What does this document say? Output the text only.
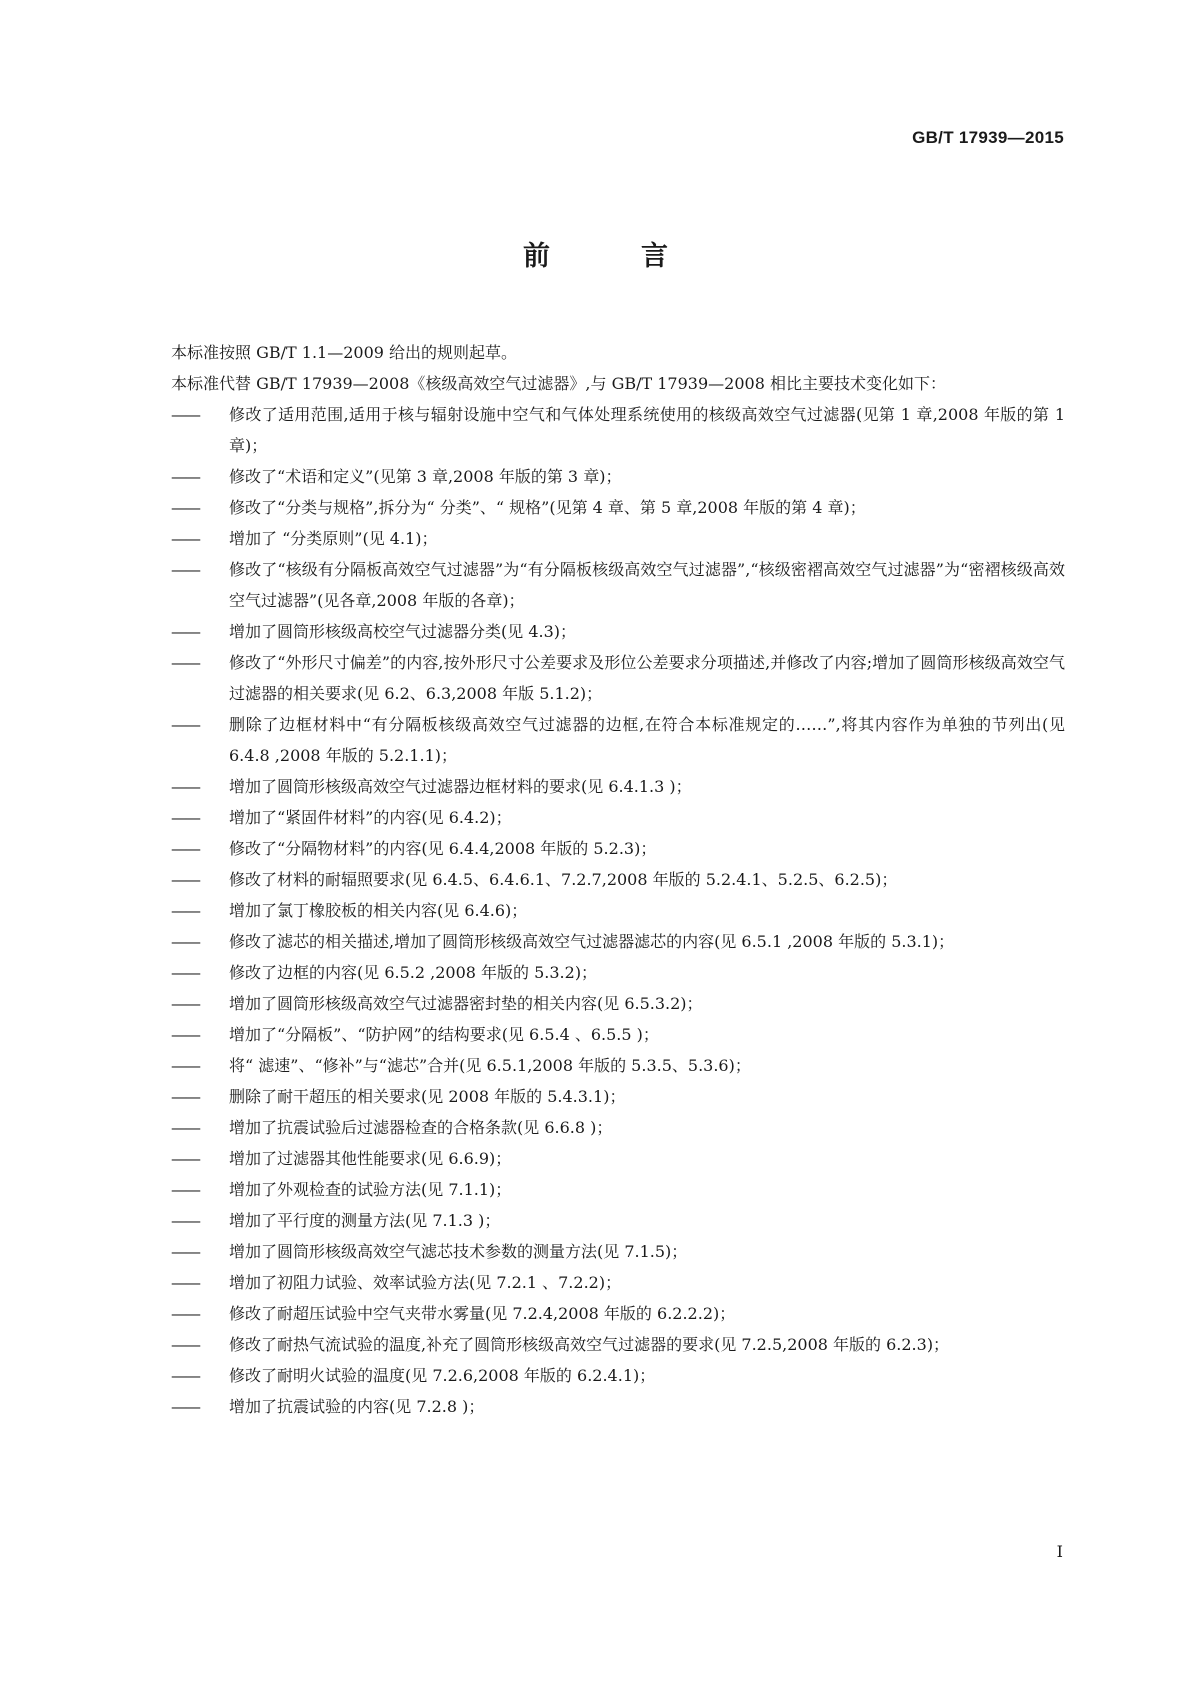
GB/T 17939—2015
前　言

本标准按照 GB/T 1.1—2009 给出的规则起草。

本标准代替 GB/T 17939—2008《核级高效空气过滤器》,与 GB/T 17939—2008 相比主要技术变化如下：

——	修改了适用范围,适用于核与辐射设施中空气和气体处理系统使用的核级高效空气过滤器(见第 1 章,2008 年版的第 1 章)；
——	修改了“术语和定义”(见第 3 章,2008 年版的第 3 章)；
——	修改了“分类与规格”,拆分为“ 分类”、“ 规格”(见第 4 章、第 5 章,2008 年版的第 4 章)；
——	增加了 “分类原则”(见 4.1)；
——	修改了“核级有分隔板高效空气过滤器”为“有分隔板核级高效空气过滤器”,“核级密褶高效空气过滤器”为“密褶核级高效空气过滤器”(见各章,2008 年版的各章)；
——	增加了圆筒形核级高校空气过滤器分类(见 4.3)；
——	修改了“外形尺寸偏差”的内容,按外形尺寸公差要求及形位公差要求分项描述,并修改了内容;增加了圆筒形核级高效空气过滤器的相关要求(见 6.2、6.3,2008 年版 5.1.2)；
——	删除了边框材料中“有分隔板核级高效空气过滤器的边框,在符合本标准规定的……”,将其内容作为单独的节列出(见 6.4.8 ,2008 年版的 5.2.1.1)；
——	增加了圆筒形核级高效空气过滤器边框材料的要求(见 6.4.1.3 )；
——	增加了“紧固件材料”的内容(见 6.4.2)；
——	修改了“分隔物材料”的内容(见 6.4.4,2008 年版的 5.2.3)；
——	修改了材料的耐辐照要求(见 6.4.5、6.4.6.1、7.2.7,2008 年版的 5.2.4.1、5.2.5、6.2.5)；
——	增加了氯丁橡胶板的相关内容(见 6.4.6)；
——	修改了滤芯的相关描述,增加了圆筒形核级高效空气过滤器滤芯的内容(见 6.5.1 ,2008 年版的 5.3.1)；
——	修改了边框的内容(见 6.5.2 ,2008 年版的 5.3.2)；
——	增加了圆筒形核级高效空气过滤器密封垫的相关内容(见 6.5.3.2)；
——	增加了“分隔板”、“防护网”的结构要求(见 6.5.4 、6.5.5 )；
——	将“ 滤速”、“修补”与“滤芯”合并(见 6.5.1,2008 年版的 5.3.5、5.3.6)；
——	删除了耐干超压的相关要求(见 2008 年版的 5.4.3.1)；
——	增加了抗震试验后过滤器检查的合格条款(见 6.6.8 )；
——	增加了过滤器其他性能要求(见 6.6.9)；
——	增加了外观检查的试验方法(见 7.1.1)；
——	增加了平行度的测量方法(见 7.1.3 )；
——	增加了圆筒形核级高效空气滤芯技术参数的测量方法(见 7.1.5)；
——	增加了初阻力试验、效率试验方法(见 7.2.1 、7.2.2)；
——	修改了耐超压试验中空气夹带水雾量(见 7.2.4,2008 年版的 6.2.2.2)；
——	修改了耐热气流试验的温度,补充了圆筒形核级高效空气过滤器的要求(见 7.2.5,2008 年版的 6.2.3)；
——	修改了耐明火试验的温度(见 7.2.6,2008 年版的 6.2.4.1)；
——	增加了抗震试验的内容(见 7.2.8 )；
I
